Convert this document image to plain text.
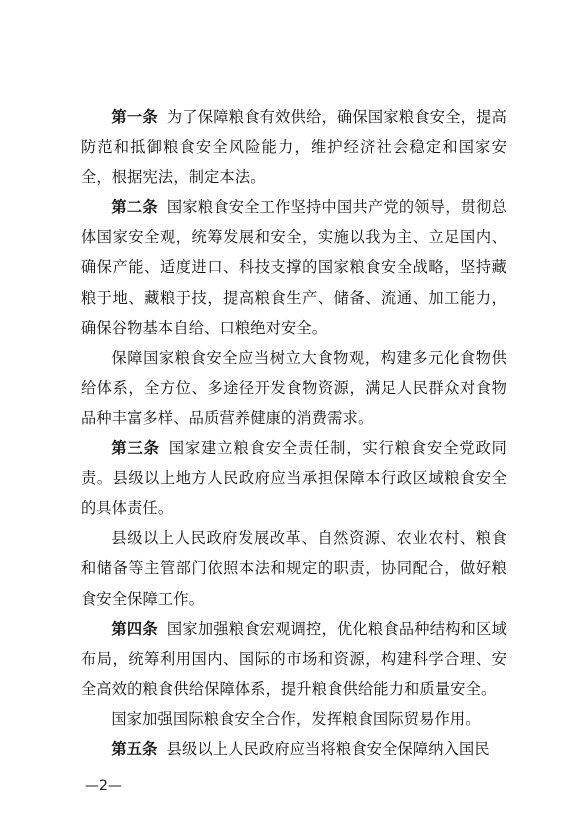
第一条 为了保障粮食有效供给，确保国家粮食安全，提高防范和抵御粮食安全风险能力，维护经济社会稳定和国家安全，根据宪法，制定本法。

第二条 国家粮食安全工作坚持中国共产党的领导，贯彻总体国家安全观，统筹发展和安全，实施以我为主、立足国内、确保产能、适度进口、科技支撑的国家粮食安全战略，坚持藏粮于地、藏粮于技，提高粮食生产、储备、流通、加工能力，确保谷物基本自给、口粮绝对安全。

保障国家粮食安全应当树立大食物观，构建多元化食物供给体系，全方位、多途径开发食物资源，满足人民群众对食物品种丰富多样、品质营养健康的消费需求。

第三条 国家建立粮食安全责任制，实行粮食安全党政同责。县级以上地方人民政府应当承担保障本行政区域粮食安全的具体责任。

县级以上人民政府发展改革、自然资源、农业农村、粮食和储备等主管部门依照本法和规定的职责，协同配合，做好粮食安全保障工作。

第四条 国家加强粮食宏观调控，优化粮食品种结构和区域布局，统筹利用国内、国际的市场和资源，构建科学合理、安全高效的粮食供给保障体系，提升粮食供给能力和质量安全。

国家加强国际粮食安全合作，发挥粮食国际贸易作用。

第五条 县级以上人民政府应当将粮食安全保障纳入国民

—2—
